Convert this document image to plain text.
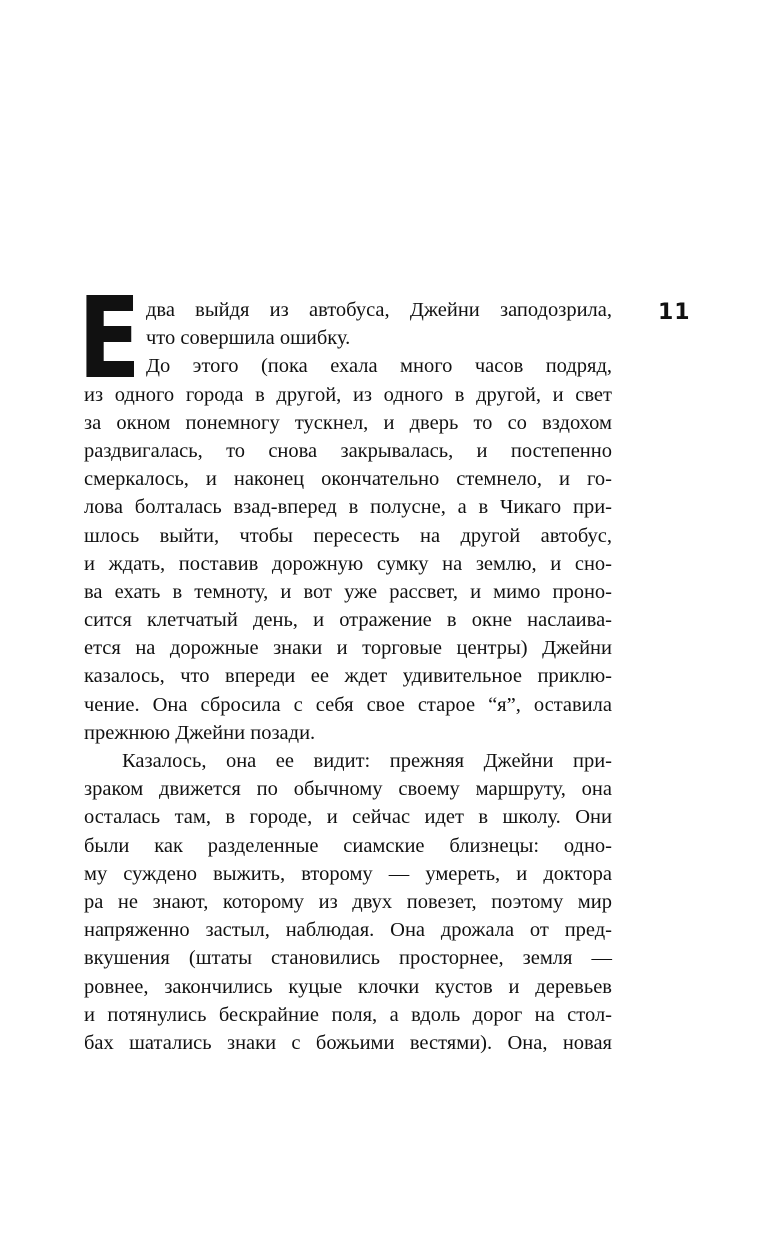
11
Е два выйдя из автобуса, Джейни заподозрила,
что совершила ошибку.
До этого (пока ехала много часов подряд,
из одного города в другой, из одного в другой, и свет
за окном понемногу тускнел, и дверь то со вздохом
раздвигалась, то снова закрывалась, и постепенно
смеркалось, и наконец окончательно стемнело, и го-
лова болталась взад-вперед в полусне, а в Чикаго при-
шлось выйти, чтобы пересесть на другой автобус,
и ждать, поставив дорожную сумку на землю, и сно-
ва ехать в темноту, и вот уже рассвет, и мимо проно-
сится клетчатый день, и отражение в окне наслаива-
ется на дорожные знаки и торговые центры) Джейни
казалось, что впереди ее ждет удивительное приклю-
чение. Она сбросила с себя свое старое “я”, оставила
прежнюю Джейни позади.
Казалось, она ее видит: прежняя Джейни при-
зраком движется по обычному своему маршруту, она
осталась там, в городе, и сейчас идет в школу. Они
были как разделенные сиамские близнецы: одно-
му суждено выжить, второму — умереть, и доктора
ра не знают, которому из двух повезет, поэтому мир
напряженно застыл, наблюдая. Она дрожала от пред-
вкушения (штаты становились просторнее, земля —
ровнее, закончились куцые клочки кустов и деревьев
и потянулись бескрайние поля, а вдоль дорог на стол-
бах шатались знаки с божьими вестями). Она, новая
